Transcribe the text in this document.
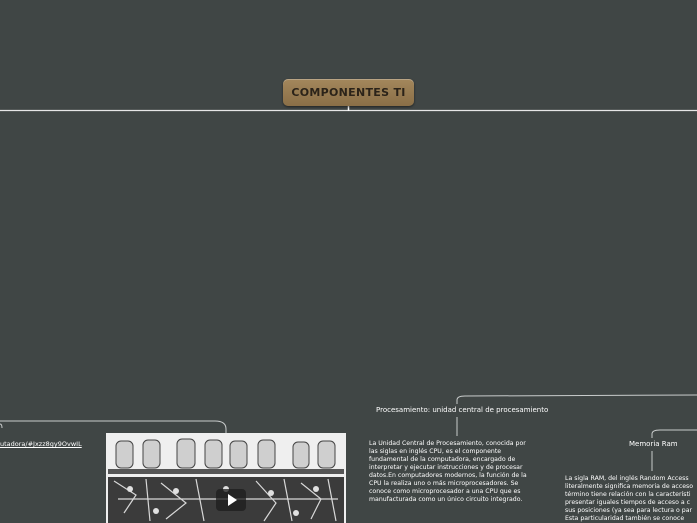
COMPONENTES TI
utadora/#Jxzz8gy9OvwIL
Procesamiento: unidad central de procesamiento
La Unidad Central de Procesamiento, conocida por
las siglas en inglés CPU, es el componente
fundamental de la computadora, encargado de
interpretar y ejecutar instrucciones y de procesar
datos.En computadores modernos, la función de la
CPU la realiza uno o más microprocesadores. Se
conoce como microprocesador a una CPU que es
manufacturada como un único circuito integrado.
Memoria Ram
La sigla RAM, del inglés Random Access
literalmente significa memoria de acceso
término tiene relación con la característi
presentar iguales tiempos de acceso a c
sus posiciones (ya sea para lectura o par
Esta particularidad también se conoce
